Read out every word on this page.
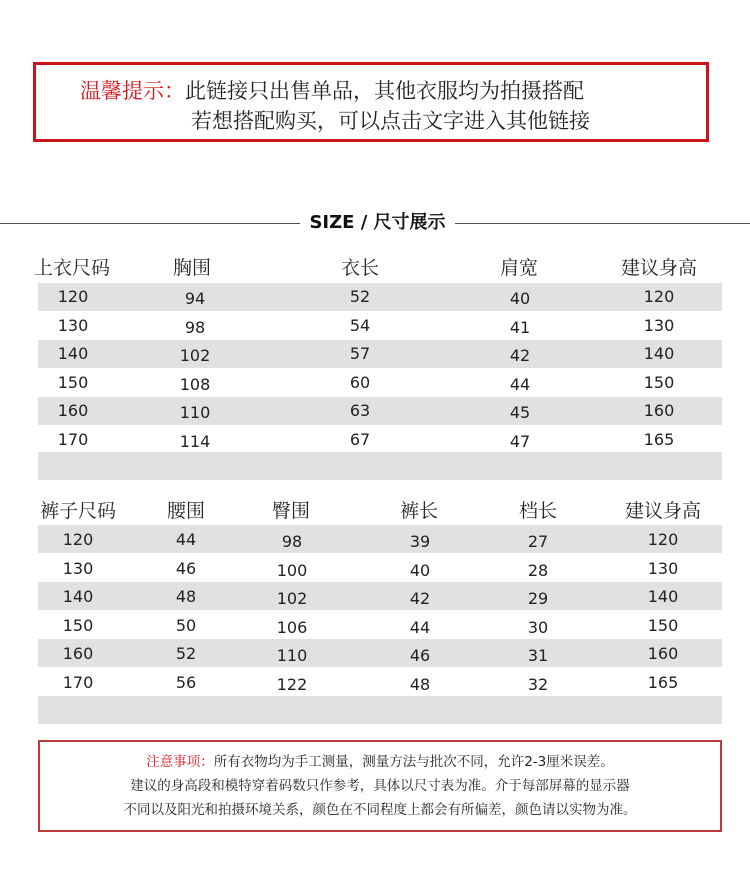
温馨提示：此链接只出售单品，其他衣服均为拍摄搭配
若想搭配购买，可以点击文字进入其他链接
SIZE / 尺寸展示
上衣尺码	胸围	衣长	肩宽	建议身高
120	94	52	40	120
130	98	54	41	130
140	102	57	42	140
150	108	60	44	150
160	110	63	45	160
170	114	67	47	165
裤子尺码	腰围	臀围	裤长	档长	建议身高
120	44	98	39	27	120
130	46	100	40	28	130
140	48	102	42	29	140
150	50	106	44	30	150
160	52	110	46	31	160
170	56	122	48	32	165
注意事项：所有衣物均为手工测量，测量方法与批次不同，允许2-3厘米误差。
建议的身高段和模特穿着码数只作参考，具体以尺寸表为准。介于每部屏幕的显示器
不同以及阳光和拍摄环境关系，颜色在不同程度上都会有所偏差，颜色请以实物为准。
